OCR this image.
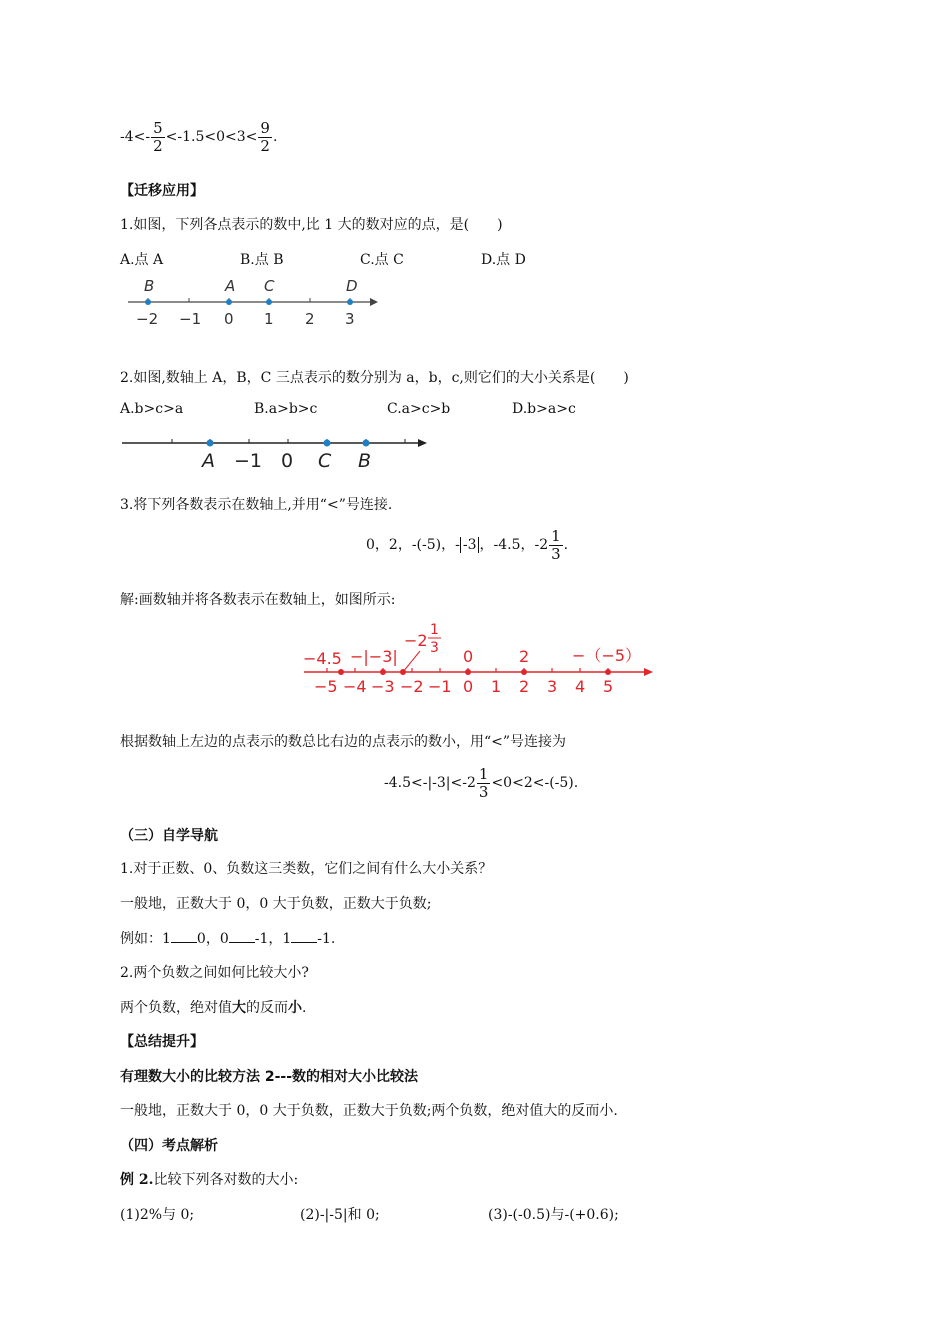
$-4<- \frac{5}{2} <-1.5<0<3< \frac{9}{2}$ .
【迁移应用】
1.如图，下列各点表示的数中,比 1 大的数对应的点，是(　　)
A.点 A	B.点 B	C.点 C	D.点 D
B	A C	D
−2 −1 0 1 2 3
2.如图,数轴上 A，B，C 三点表示的数分别为 a，b，c,则它们的大小关系是(　　)
A.b>c>a	B.a>b>c	C.a>c>b	D.b>a>c
A −1 0 C B
3.将下列各数表示在数轴上,并用“<”号连接.
0，2，-(-5)，- -3 ，-4.5，$-2 \frac{1}{3}$ .
解:画数轴并将各数表示在数轴上，如图所示:
−4.5 −|−3|
−2
1
3 0	2	−（−5）
−5 −4 −3 −2 −1 0 1 2 3 4 5
根据数轴上左边的点表示的数总比右边的点表示的数小，用“<”号连接为
$-4.5<-|-3|<-2 \frac{1}{3} <0<2<-(-5)$.
（三）自学导航
1.对于正数、0、负数这三类数，它们之间有什么大小关系？
一般地，正数大于 0，0 大于负数，正数大于负数;
例如：1 0，0 -1，1 -1.
2.两个负数之间如何比较大小?
两个负数，绝对值大的反而小.
【总结提升】
有理数大小的比较方法 2---数的相对大小比较法
一般地，正数大于 0，0 大于负数，正数大于负数;两个负数，绝对值大的反而小.
（四）考点解析
例 2.比较下列各对数的大小:
(1)2%与 0;	(2)-|-5|和 0;	(3)-(-0.5)与-(+0.6);
